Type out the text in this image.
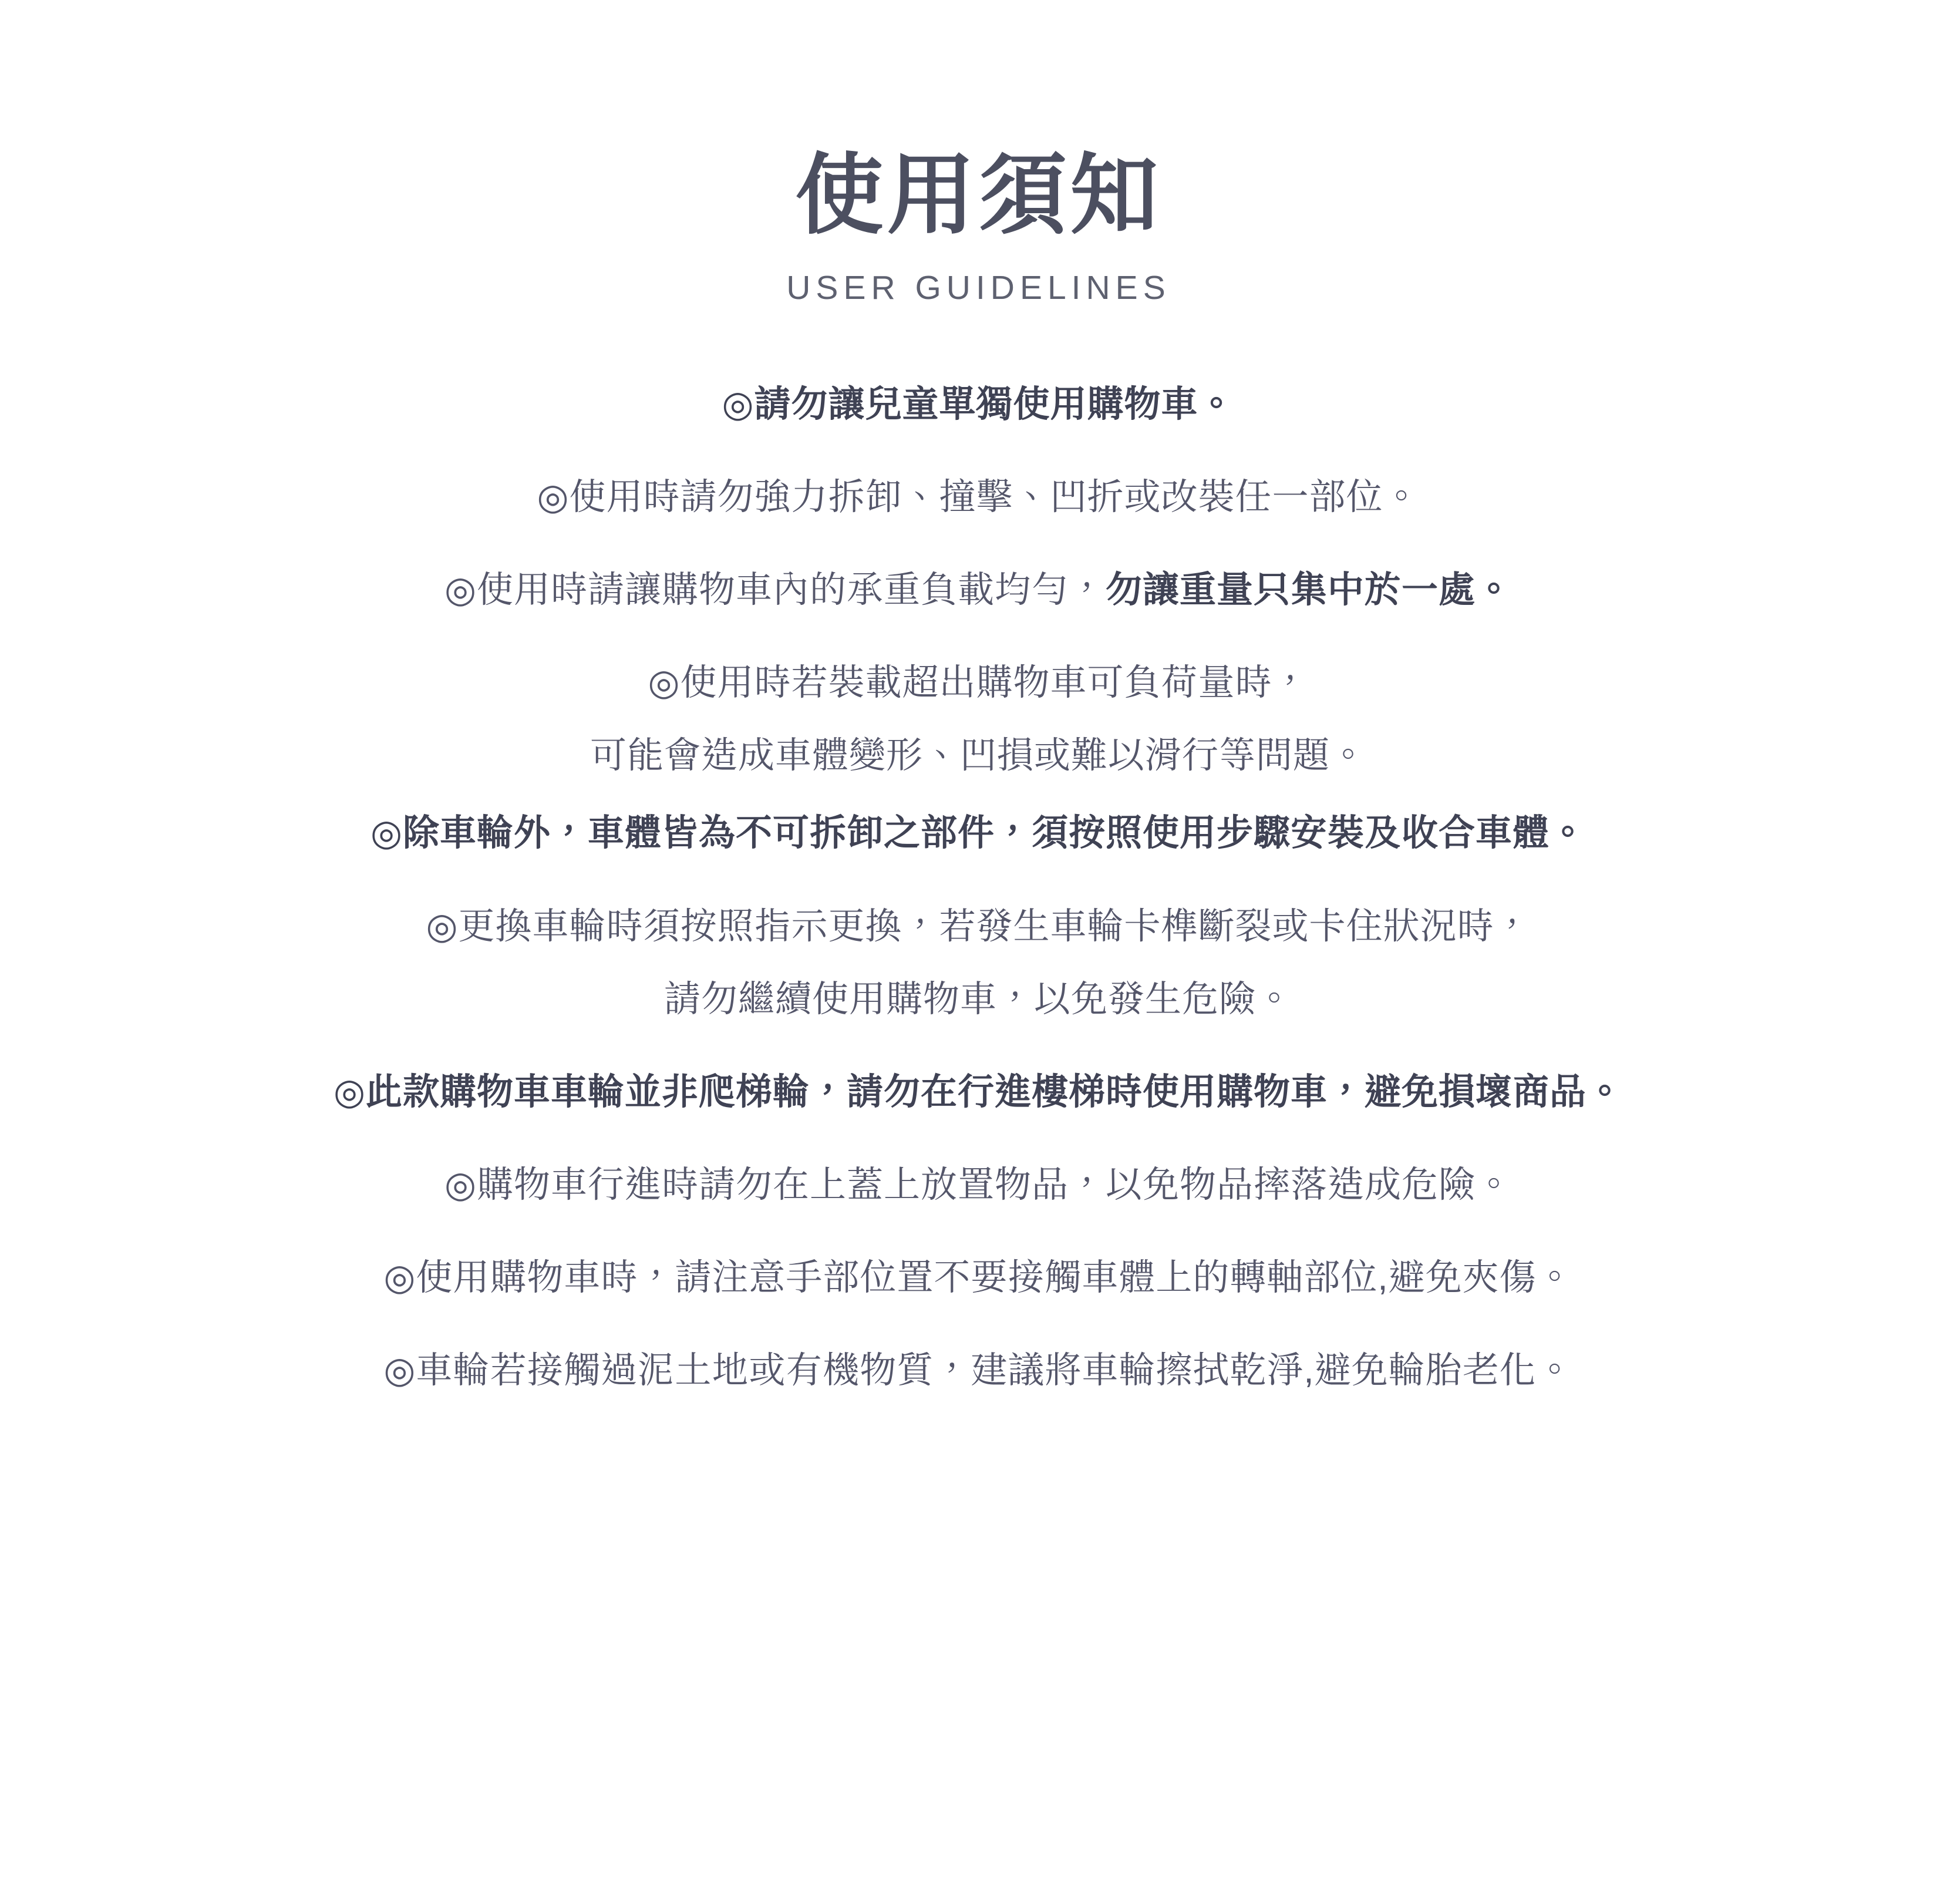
使用須知
USER GUIDELINES
◎請勿讓兒童單獨使用購物車。
◎使用時請勿強力拆卸、撞擊、凹折或改裝任一部位。
◎使用時請讓購物車內的承重負載均勻，勿讓重量只集中於一處。
◎使用時若裝載超出購物車可負荷量時，
可能會造成車體變形、凹損或難以滑行等問題。
◎除車輪外，車體皆為不可拆卸之部件，須按照使用步驟安裝及收合車體。
◎更換車輪時須按照指示更換，若發生車輪卡榫斷裂或卡住狀況時，
請勿繼續使用購物車，以免發生危險。
◎此款購物車車輪並非爬梯輪，請勿在行進樓梯時使用購物車，避免損壞商品。
◎購物車行進時請勿在上蓋上放置物品，以免物品摔落造成危險。
◎使用購物車時，請注意手部位置不要接觸車體上的轉軸部位,避免夾傷。
◎車輪若接觸過泥土地或有機物質，建議將車輪擦拭乾淨,避免輪胎老化。
